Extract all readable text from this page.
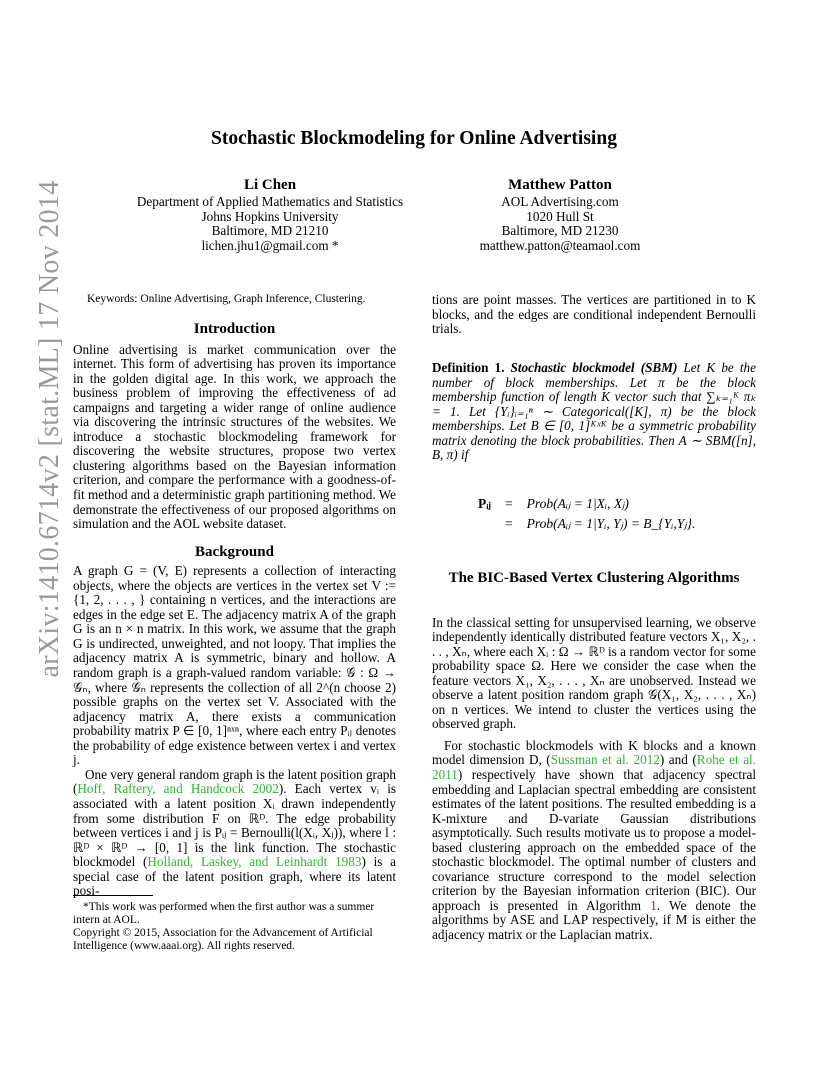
arXiv:1410.6714v2 [stat.ML] 17 Nov 2014
Stochastic Blockmodeling for Online Advertising
Li Chen
Department of Applied Mathematics and Statistics
Johns Hopkins University
Baltimore, MD 21210
lichen.jhu1@gmail.com *
Matthew Patton
AOL Advertising.com
1020 Hull St
Baltimore, MD 21230
matthew.patton@teamaol.com
Keywords: Online Advertising, Graph Inference, Clustering.
Introduction

Online advertising is market communication over the internet. This form of advertising has proven its importance in the golden digital age. In this work, we approach the business problem of improving the effectiveness of ad campaigns and targeting a wider range of online audience via discovering the intrinsic structures of the websites. We introduce a stochastic blockmodeling framework for discovering the website structures, propose two vertex clustering algorithms based on the Bayesian information criterion, and compare the performance with a goodness-of-fit method and a deterministic graph partitioning method. We demonstrate the effectiveness of our proposed algorithms on simulation and the AOL website dataset.

Background

A graph G = (V, E) represents a collection of interacting objects, where the objects are vertices in the vertex set V := {1, 2, . . . , } containing n vertices, and the interactions are edges in the edge set E. The adjacency matrix A of the graph G is an n × n matrix. In this work, we assume that the graph G is undirected, unweighted, and not loopy. That implies the adjacency matrix A is symmetric, binary and hollow. A random graph is a graph-valued random variable: 𝒢 : Ω → 𝒢ₙ, where 𝒢ₙ represents the collection of all 2^(n choose 2) possible graphs on the vertex set V. Associated with the adjacency matrix A, there exists a communication probability matrix P ∈ [0, 1]ⁿˣⁿ, where each entry Pᵢⱼ denotes the probability of edge existence between vertex i and vertex j.

One very general random graph is the latent position graph (Hoff, Raftery, and Handcock 2002). Each vertex vᵢ is associated with a latent position Xᵢ drawn independently from some distribution F on ℝᴰ. The edge probability between vertices i and j is Pᵢⱼ = Bernoulli(l(Xᵢ, Xⱼ)), where l : ℝᴰ × ℝᴰ → [0, 1] is the link function. The stochastic blockmodel (Holland, Laskey, and Leinhardt 1983) is a special case of the latent position graph, where its latent posi-

*This work was performed when the first author was a summer intern at AOL.
Copyright © 2015, Association for the Advancement of Artificial Intelligence (www.aaai.org). All rights reserved.

tions are point masses. The vertices are partitioned in to K blocks, and the edges are conditional independent Bernoulli trials.

Definition 1. Stochastic blockmodel (SBM) Let K be the number of block memberships. Let π be the block membership function of length K vector such that ∑ₖ₌₁ᴷ πₖ = 1. Let {Yᵢ}ᵢ₌₁ⁿ ∼ Categorical([K], π) be the block memberships. Let B ∈ [0, 1]ᴷˣᴷ be a symmetric probability matrix denoting the block probabilities. Then A ∼ SBM([n], B, π) if

Pᵢⱼ	=	Prob(Aᵢⱼ = 1|Xᵢ, Xⱼ)
	=	Prob(Aᵢⱼ = 1|Yᵢ, Yⱼ) = B_{Yᵢ,Yⱼ}.
The BIC-Based Vertex Clustering Algorithms

In the classical setting for unsupervised learning, we observe independently identically distributed feature vectors X₁, X₂, . . . , Xₙ, where each Xᵢ : Ω → ℝᴰ is a random vector for some probability space Ω. Here we consider the case when the feature vectors X₁, X₂, . . . , Xₙ are unobserved. Instead we observe a latent position random graph 𝒢(X₁, X₂, . . . , Xₙ) on n vertices. We intend to cluster the vertices using the observed graph.

For stochastic blockmodels with K blocks and a known model dimension D, (Sussman et al. 2012) and (Rohe et al. 2011) respectively have shown that adjacency spectral embedding and Laplacian spectral embedding are consistent estimates of the latent positions. The resulted embedding is a K-mixture and D-variate Gaussian distributions asymptotically. Such results motivate us to propose a model-based clustering approach on the embedded space of the stochastic blockmodel. The optimal number of clusters and covariance structure correspond to the model selection criterion by the Bayesian information criterion (BIC). Our approach is presented in Algorithm 1. We denote the algorithms by ASE and LAP respectively, if M is either the adjacency matrix or the Laplacian matrix.
